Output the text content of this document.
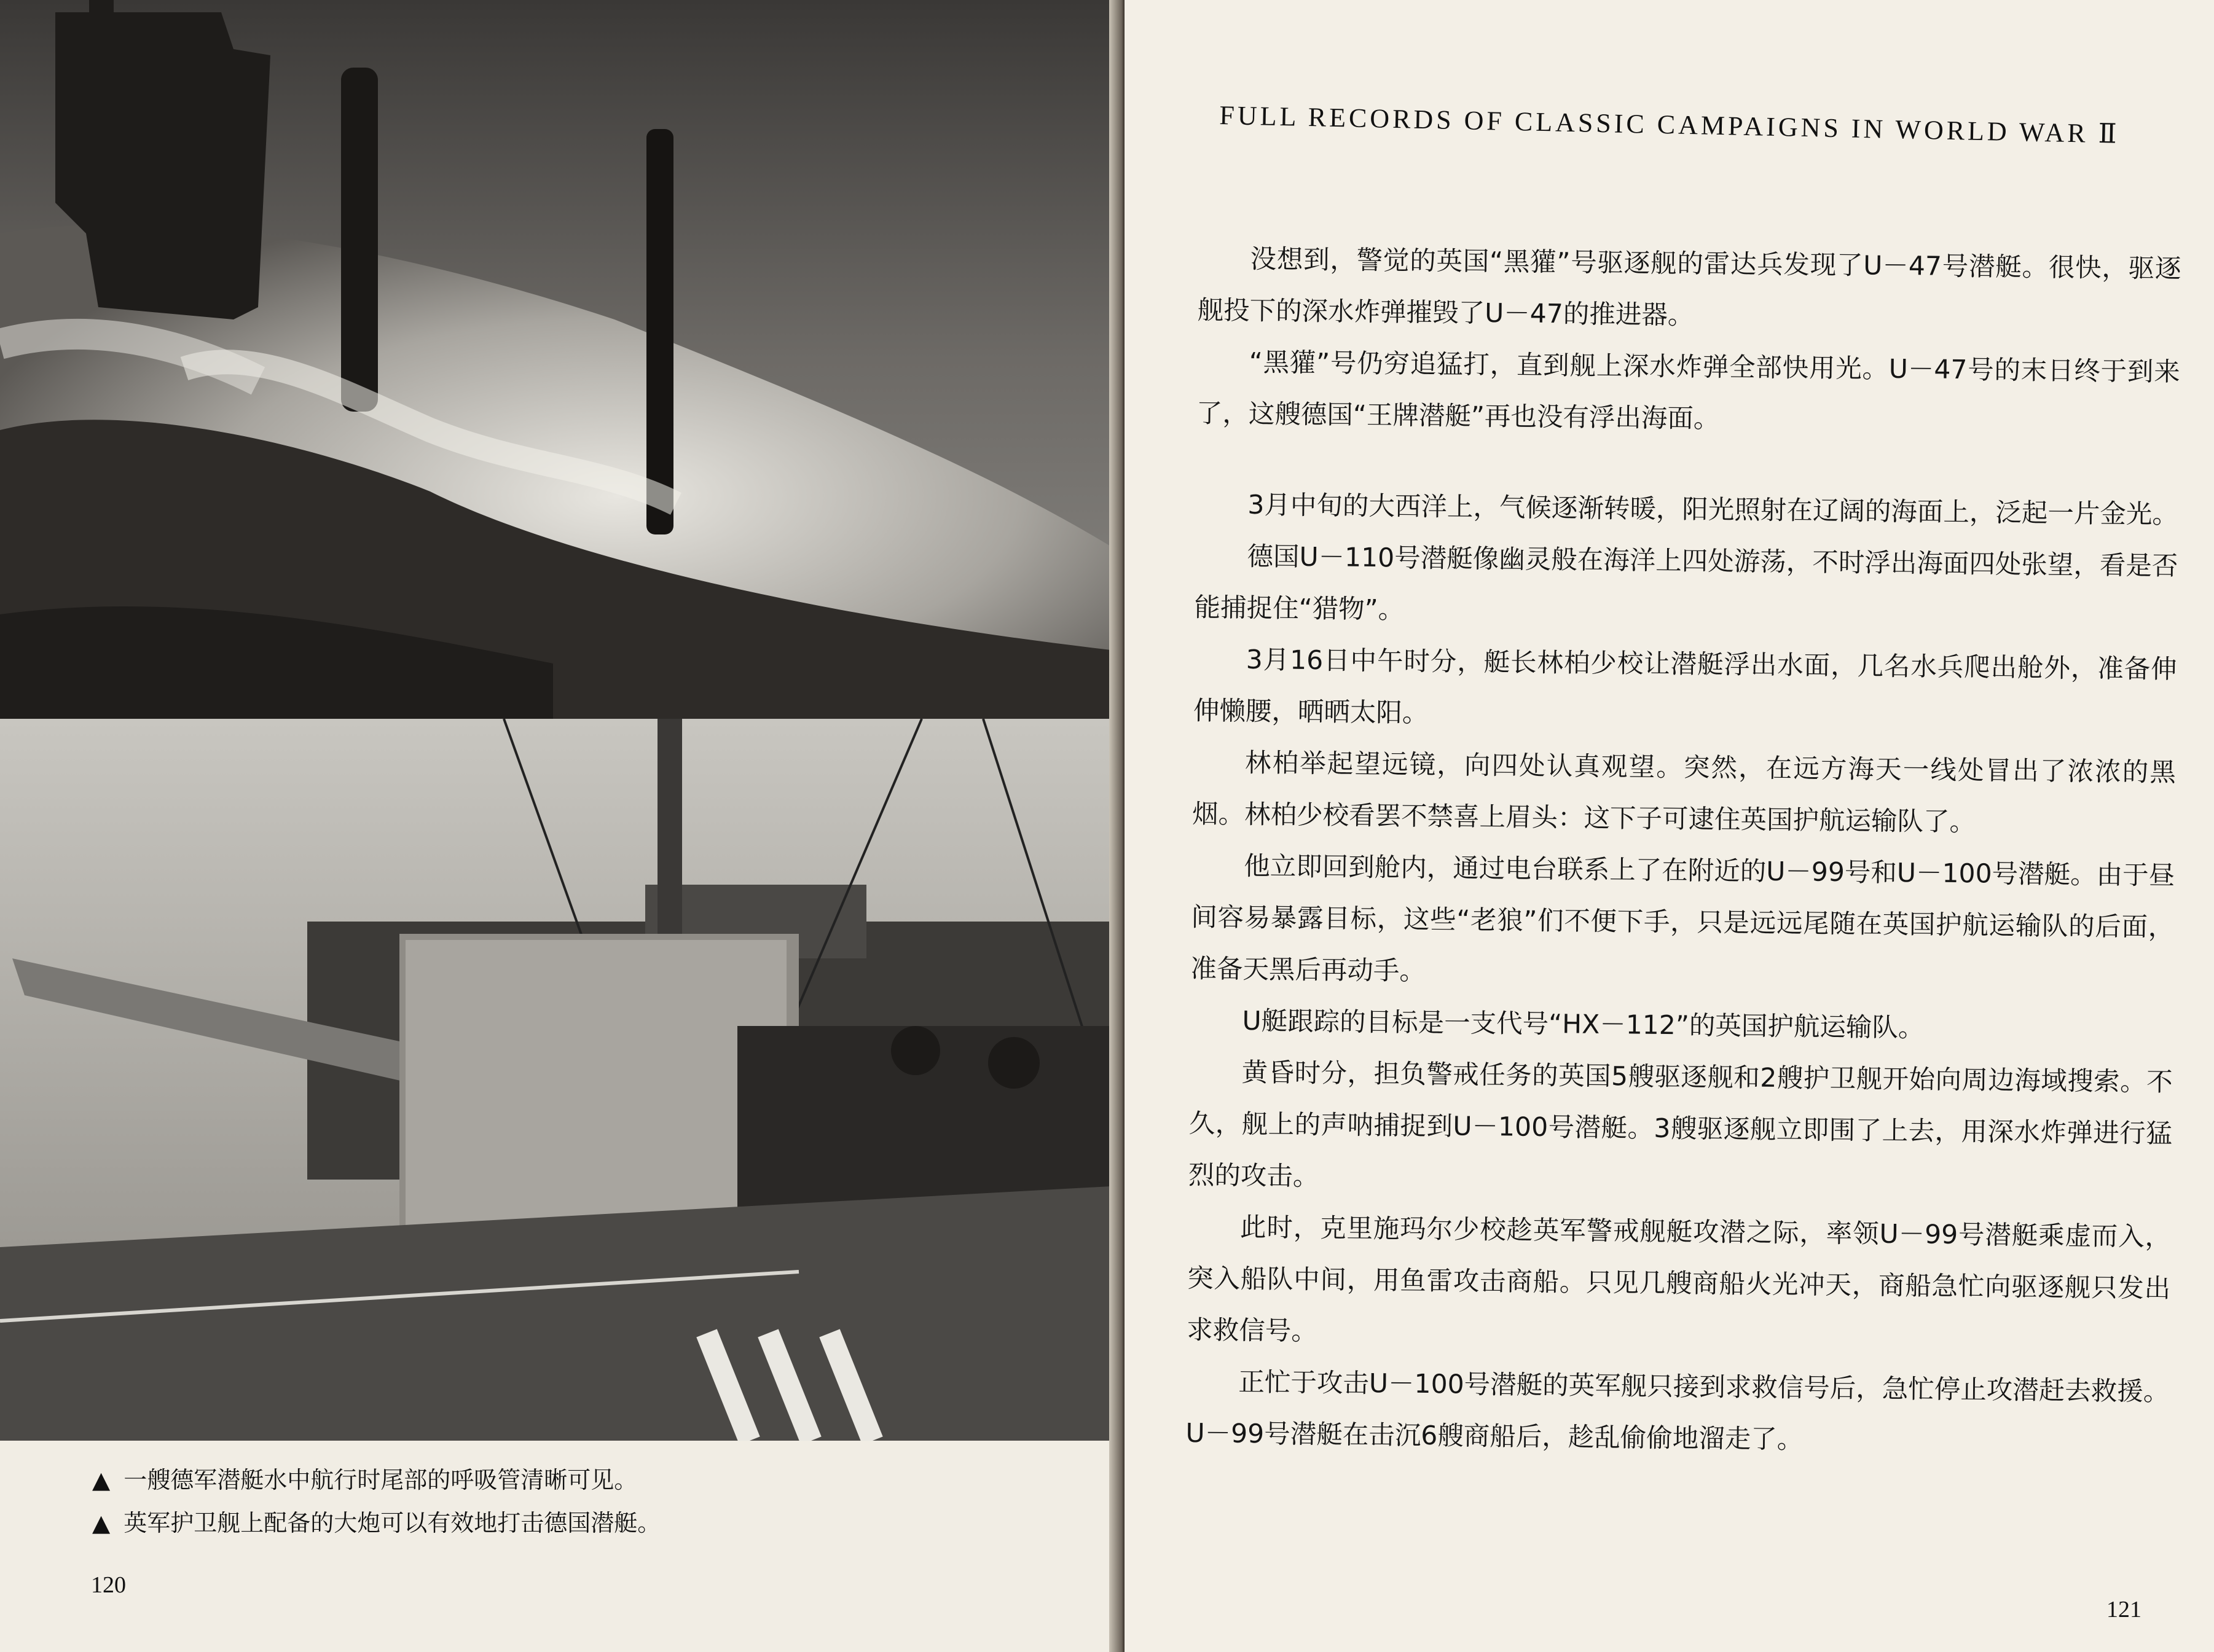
▲ 一艘德军潜艇水中航行时尾部的呼吸管清晰可见。
▲ 英军护卫舰上配备的大炮可以有效地打击德国潜艇。
120
FULL RECORDS OF CLASSIC CAMPAIGNS IN WORLD WAR Ⅱ

没想到，警觉的英国“黑獾”号驱逐舰的雷达兵发现了U－47号潜艇。很快，驱逐舰投下的深水炸弹摧毁了U－47的推进器。

“黑獾”号仍穷追猛打，直到舰上深水炸弹全部快用光。U－47号的末日终于到来了，这艘德国“王牌潜艇”再也没有浮出海面。

3月中旬的大西洋上，气候逐渐转暖，阳光照射在辽阔的海面上，泛起一片金光。

德国U－110号潜艇像幽灵般在海洋上四处游荡，不时浮出海面四处张望，看是否能捕捉住“猎物”。

3月16日中午时分，艇长林柏少校让潜艇浮出水面，几名水兵爬出舱外，准备伸伸懒腰，晒晒太阳。

林柏举起望远镜，向四处认真观望。突然，在远方海天一线处冒出了浓浓的黑烟。林柏少校看罢不禁喜上眉头：这下子可逮住英国护航运输队了。

他立即回到舱内，通过电台联系上了在附近的U－99号和U－100号潜艇。由于昼间容易暴露目标，这些“老狼”们不便下手，只是远远尾随在英国护航运输队的后面，准备天黑后再动手。

U艇跟踪的目标是一支代号“HX－112”的英国护航运输队。

黄昏时分，担负警戒任务的英国5艘驱逐舰和2艘护卫舰开始向周边海域搜索。不久，舰上的声呐捕捉到U－100号潜艇。3艘驱逐舰立即围了上去，用深水炸弹进行猛烈的攻击。

此时，克里施玛尔少校趁英军警戒舰艇攻潜之际，率领U－99号潜艇乘虚而入，突入船队中间，用鱼雷攻击商船。只见几艘商船火光冲天，商船急忙向驱逐舰只发出求救信号。

正忙于攻击U－100号潜艇的英军舰只接到求救信号后，急忙停止攻潜赶去救援。U－99号潜艇在击沉6艘商船后，趁乱偷偷地溜走了。

121
